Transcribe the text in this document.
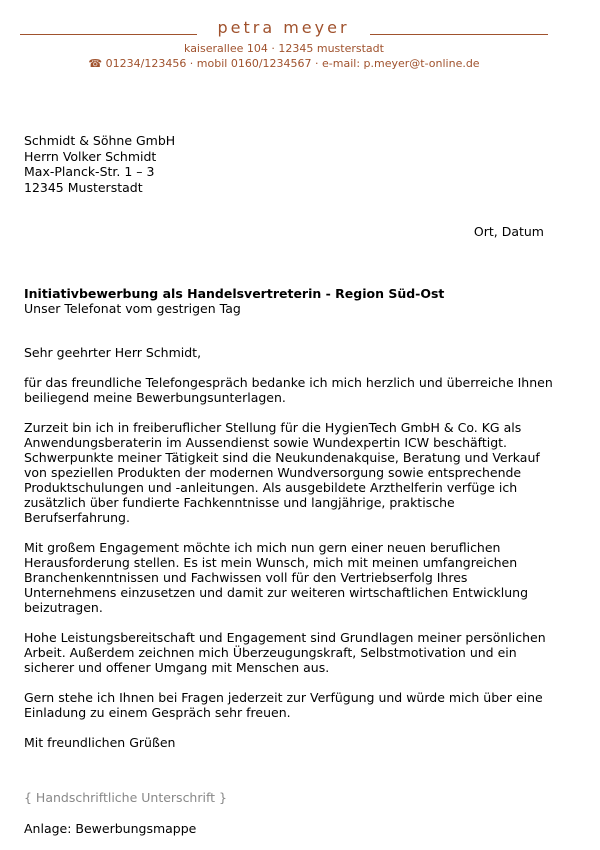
petra meyer
kaiserallee 104 · 12345 musterstadt
☎ 01234/123456 · mobil 0160/1234567 · e-mail: p.meyer@t-online.de
Schmidt & Söhne GmbH
Herrn Volker Schmidt
Max-Planck-Str. 1 – 3
12345 Musterstadt
Ort, Datum
Initiativbewerbung als Handelsvertreterin - Region Süd-Ost
Unser Telefonat vom gestrigen Tag

Sehr geehrter Herr Schmidt,

für das freundliche Telefongespräch bedanke ich mich herzlich und überreiche Ihnen beiliegend meine Bewerbungsunterlagen.

Zurzeit bin ich in freiberuflicher Stellung für die HygienTech GmbH & Co. KG als Anwendungsberaterin im Aussendienst sowie Wundexpertin ICW beschäftigt. Schwerpunkte meiner Tätigkeit sind die Neukundenakquise, Beratung und Verkauf von speziellen Produkten der modernen Wundversorgung sowie entsprechende Produktschulungen und -anleitungen. Als ausgebildete Arzthelferin verfüge ich zusätzlich über fundierte Fachkenntnisse und langjährige, praktische Berufserfahrung.

Mit großem Engagement möchte ich mich nun gern einer neuen beruflichen Herausforderung stellen. Es ist mein Wunsch, mich mit meinen umfangreichen Branchenkenntnissen und Fachwissen voll für den Vertriebserfolg Ihres Unternehmens einzusetzen und damit zur weiteren wirtschaftlichen Entwicklung beizutragen.

Hohe Leistungsbereitschaft und Engagement sind Grundlagen meiner persönlichen Arbeit. Außerdem zeichnen mich Überzeugungskraft, Selbstmotivation und ein sicherer und offener Umgang mit Menschen aus.

Gern stehe ich Ihnen bei Fragen jederzeit zur Verfügung und würde mich über eine Einladung zu einem Gespräch sehr freuen.

Mit freundlichen Grüßen

{ Handschriftliche Unterschrift }
Anlage: Bewerbungsmappe
